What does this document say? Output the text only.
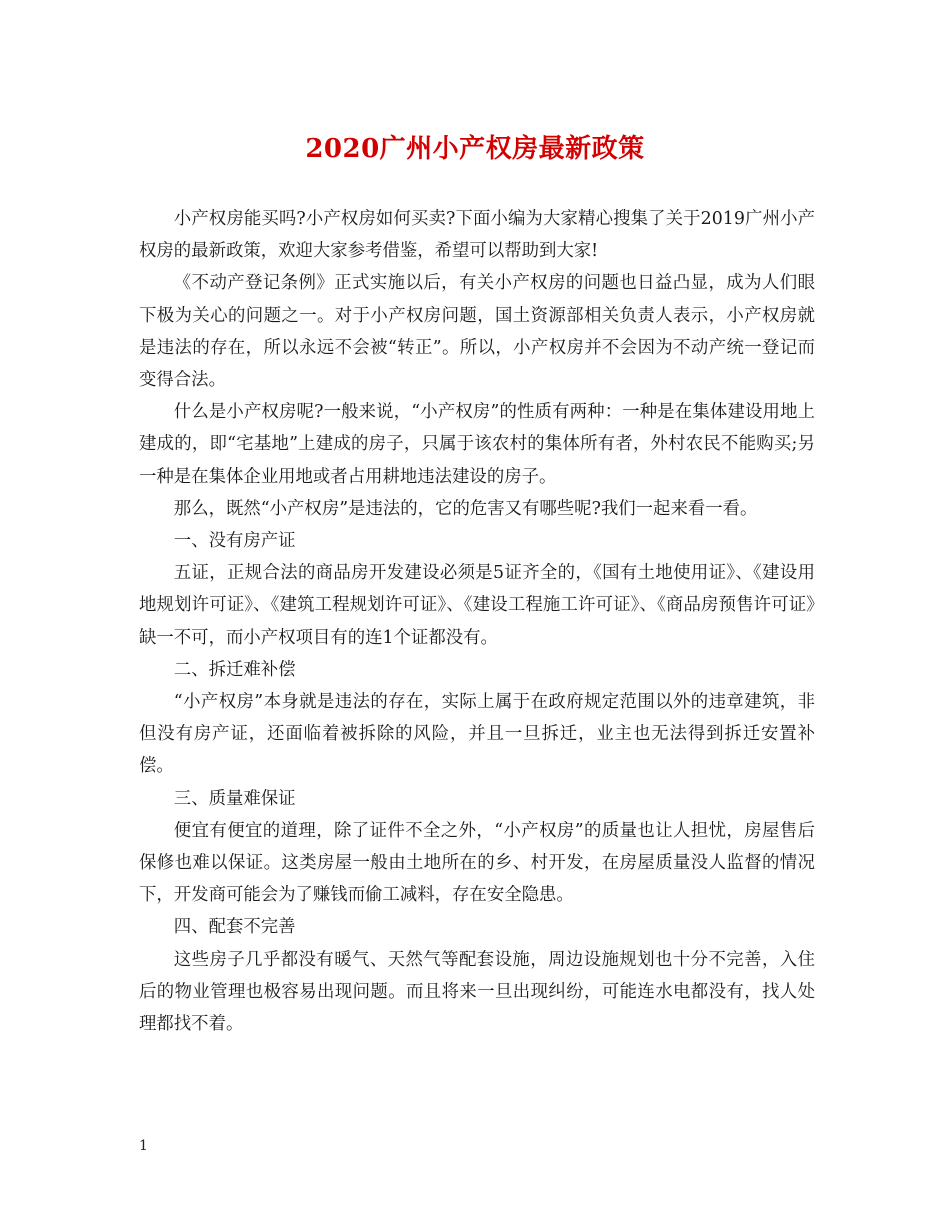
2020广州小产权房最新政策

小产权房能买吗?小产权房如何买卖?下面小编为大家精心搜集了关于2019广州小产权房的最新政策，欢迎大家参考借鉴，希望可以帮助到大家!

《不动产登记条例》正式实施以后，有关小产权房的问题也日益凸显，成为人们眼下极为关心的问题之一。对于小产权房问题，国土资源部相关负责人表示，小产权房就是违法的存在，所以永远不会被“转正”。所以，小产权房并不会因为不动产统一登记而变得合法。

什么是小产权房呢?一般来说，“小产权房”的性质有两种：一种是在集体建设用地上建成的，即“宅基地”上建成的房子，只属于该农村的集体所有者，外村农民不能购买;另一种是在集体企业用地或者占用耕地违法建设的房子。

那么，既然“小产权房”是违法的，它的危害又有哪些呢?我们一起来看一看。

一、没有房产证

五证，正规合法的商品房开发建设必须是5证齐全的，《国有土地使用证》、《建设用地规划许可证》、《建筑工程规划许可证》、《建设工程施工许可证》、《商品房预售许可证》缺一不可，而小产权项目有的连1个证都没有。

二、拆迁难补偿

“小产权房”本身就是违法的存在，实际上属于在政府规定范围以外的违章建筑，非但没有房产证，还面临着被拆除的风险，并且一旦拆迁，业主也无法得到拆迁安置补偿。

三、质量难保证

便宜有便宜的道理，除了证件不全之外，“小产权房”的质量也让人担忧，房屋售后保修也难以保证。这类房屋一般由土地所在的乡、村开发，在房屋质量没人监督的情况下，开发商可能会为了赚钱而偷工减料，存在安全隐患。

四、配套不完善

这些房子几乎都没有暖气、天然气等配套设施，周边设施规划也十分不完善，入住后的物业管理也极容易出现问题。而且将来一旦出现纠纷，可能连水电都没有，找人处理都找不着。

1
